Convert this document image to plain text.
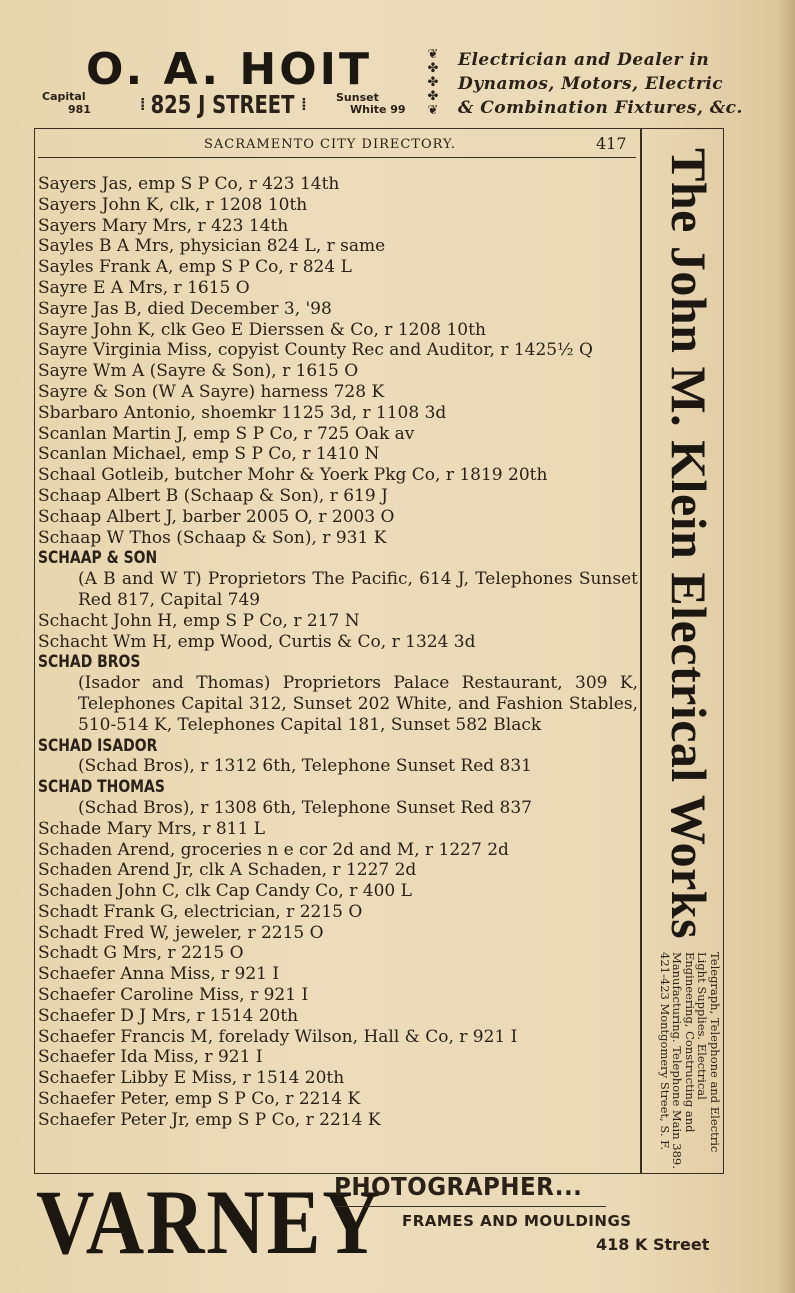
O. A. HOIT
Capital
981	⁞ 825 J STREET ⁞	Sunset
White 99
❦
✤
✤
✤
❦
Electrician and Dealer in
Dynamos, Motors, Electric
& Combination Fixtures, &c.
SACRAMENTO CITY DIRECTORY.	417
Sayers Jas, emp S P Co, r 423 14th
Sayers John K, clk, r 1208 10th
Sayers Mary Mrs, r 423 14th
Sayles B A Mrs, physician 824 L, r same
Sayles Frank A, emp S P Co, r 824 L
Sayre E A Mrs, r 1615 O
Sayre Jas B, died December 3, '98
Sayre John K, clk Geo E Dierssen & Co, r 1208 10th
Sayre Virginia Miss, copyist County Rec and Auditor, r 1425½ Q
Sayre Wm A (Sayre & Son), r 1615 O
Sayre & Son (W A Sayre) harness 728 K
Sbarbaro Antonio, shoemkr 1125 3d, r 1108 3d
Scanlan Martin J, emp S P Co, r 725 Oak av
Scanlan Michael, emp S P Co, r 1410 N
Schaal Gotleib, butcher Mohr & Yoerk Pkg Co, r 1819 20th
Schaap Albert B (Schaap & Son), r 619 J
Schaap Albert J, barber 2005 O, r 2003 O
Schaap W Thos (Schaap & Son), r 931 K
SCHAAP & SON
(A B and W T) Proprietors The Pacific, 614 J, Telephones Sunset Red 817, Capital 749
Schacht John H, emp S P Co, r 217 N
Schacht Wm H, emp Wood, Curtis & Co, r 1324 3d
SCHAD BROS
(Isador and Thomas) Proprietors Palace Restaurant, 309 K, Telephones Capital 312, Sunset 202 White, and Fashion Stables, 510-514 K, Telephones Capital 181, Sunset 582 Black
SCHAD ISADOR
(Schad Bros), r 1312 6th, Telephone Sunset Red 831
SCHAD THOMAS
(Schad Bros), r 1308 6th, Telephone Sunset Red 837
Schade Mary Mrs, r 811 L
Schaden Arend, groceries n e cor 2d and M, r 1227 2d
Schaden Arend Jr, clk A Schaden, r 1227 2d
Schaden John C, clk Cap Candy Co, r 400 L
Schadt Frank G, electrician, r 2215 O
Schadt Fred W, jeweler, r 2215 O
Schadt G Mrs, r 2215 O
Schaefer Anna Miss, r 921 I
Schaefer Caroline Miss, r 921 I
Schaefer D J Mrs, r 1514 20th
Schaefer Francis M, forelady Wilson, Hall & Co, r 921 I
Schaefer Ida Miss, r 921 I
Schaefer Libby E Miss, r 1514 20th
Schaefer Peter, emp S P Co, r 2214 K
Schaefer Peter Jr, emp S P Co, r 2214 K
The John M. Klein Electrical Works
Telegraph, Telephone and Electric Light Supplies. Electrical Engineering, Constructing and Manufacturing. Telephone Main 389. 421-423 Montgomery Street, S. F.
VARNEY
PHOTOGRAPHER...
FRAMES AND MOULDINGS
418 K Street
